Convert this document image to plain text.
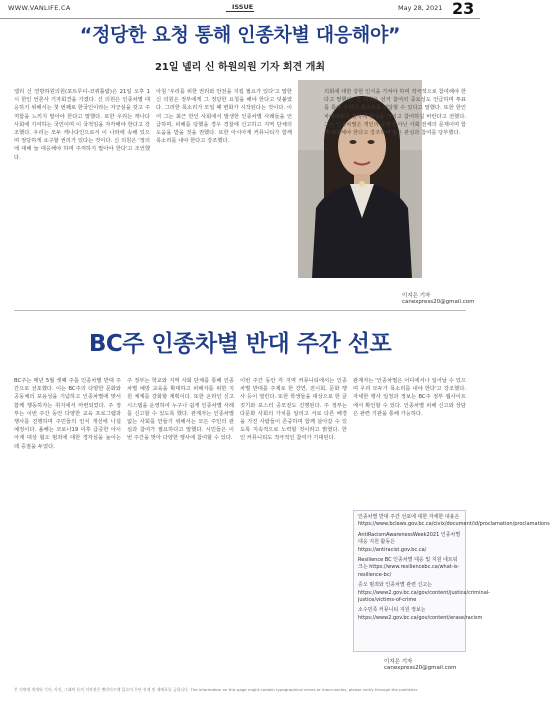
WWW.VANLIFE.CA	ISSUE	May 28, 2021 23
“정당한 요청 통해 인종차별 대응해야”
21일 넬리 신 하원의원 기자 회견 개최
넬리 신 연방하원의원(포트무디-코퀴틀람)은 21일 오후 1시 한인 언론사 기자회견을 가졌다. 신 의원은 인종차별 대응하기 위해서는 첫 번째로 한국인이라는 자긍심을 갖고 주저함을 느끼지 말아야 한다고 말했다. 또한 우리는 캐나다 사회에 기여하는 국민이며 이 국적임을 자각해야 한다고 강조했다. 우리는 모두 캐나다인으로서 이 나라에 속해 있으며 정당하게 요구할 권리가 있다는 것이다. 신 의원은 '정의에 대해 늘 대응해야 하며 주저하지 말아야 한다'고 조언했다.
아침 '우리를 위한 권리와 안전을 지킬 필요가 있다'고 말한 신 의원은 정부에게 그 정당한 요청을 해야 한다고 덧붙였다. 그러한 목소리가 모일 때 변화가 시작된다는 것이다. 이어 그는 최근 한인 사회에서 발생한 인종차별 사례들을 언급하며, 피해를 당했을 경우 경찰에 신고하고 지역 단체의 도움을 받을 것을 권했다. 또한 아시아계 커뮤니티가 함께 목소리를 내야 한다고 강조했다.
의회에 대한 강한 인식을 가져야 하며 적극적으로 참여해야 한다고 말했다. 신 의원은 선거 참여의 중요성도 언급하며 투표를 통해 우리의 목소리를 전달할 수 있다고 말했다. 또한 한인 차세대들이 정치에 관심을 가지고 참여하길 바란다고 전했다. 그는 인종차별은 개인의 문제가 아닌 사회 전체의 문제이며 함께 해결해야 한다고 강조하며 많은 관심과 참여를 당부했다.
이지은 기자 canexpress20@gmail.com
BC주 인종차별 반대 주간 선포
BC주는 매년 5월 셋째 주를 인종차별 반대 주간으로 선포했다. 이는 BC주의 다양한 문화와 공동체의 포용성을 기념하고 인종차별에 맞서 함께 행동하자는 취지에서 마련되었다. 주 정부는 이번 주간 동안 다양한 교육 프로그램과 행사를 진행하며 주민들의 인식 개선에 나설 예정이다. 올해는 코로나19 이후 급증한 아시아계 대상 혐오 범죄에 대한 경각심을 높이는 데 중점을 두었다.
주 정부는 학교와 지역 사회 단체를 통해 인종차별 예방 교육을 확대하고 피해자를 위한 지원 체계를 강화할 계획이다. 또한 온라인 신고 시스템을 운영하여 누구나 쉽게 인종차별 사례를 신고할 수 있도록 했다. 관계자는 인종차별 없는 사회를 만들기 위해서는 모든 주민의 관심과 참여가 필요하다고 말했다. 시민들은 이번 주간을 맞아 다양한 행사에 참여할 수 있다.
이번 주간 동안 각 지역 커뮤니티에서는 인종차별 반대를 주제로 한 강연, 전시회, 문화 행사 등이 열린다. 또한 학생들을 대상으로 한 글짓기와 포스터 공모전도 진행된다. 주 정부는 다문화 사회의 가치를 알리고 서로 다른 배경을 가진 사람들이 존중하며 함께 살아갈 수 있도록 지속적으로 노력할 것이라고 밝혔다. 한인 커뮤니티도 적극적인 참여가 기대된다.
관계자는 '인종차별은 어디에서나 일어날 수 있으며 우리 모두가 목소리를 내야 한다'고 강조했다. 자세한 행사 일정과 정보는 BC주 정부 웹사이트에서 확인할 수 있다. 인종차별 피해 신고와 상담은 관련 기관을 통해 가능하다.

인종차별 반대 주간 선포에 대한 자세한 내용은 https://www.bclaws.gov.bc.ca/civix/document/id/proclamation/proclamations

AntiRacismAwarenessWeek2021 인종차별 대응 지원 활동은 https://antiracist.gov.bc.ca/

Resilience BC 인종차별 대응 및 지원 네트워크는 https://www.resiliencebc.ca/what-is-resilience-bc/

증오 범죄와 인종차별 관련 신고는 https://www2.gov.bc.ca/gov/content/justice/criminal-justice/victims-of-crime

소수민족 커뮤니티 지원 정보는 https://www2.gov.bc.ca/gov/content/erase/racism

이지은 기자 canexpress20@gmail.com
본 지면에 게재된 기사, 사진, 그래픽 등의 저작권은 밴라이프에 있으며 무단 전재 및 재배포를 금합니다. The information on this page might contain typographical errors or inaccuracies, please verify through the publisher.
